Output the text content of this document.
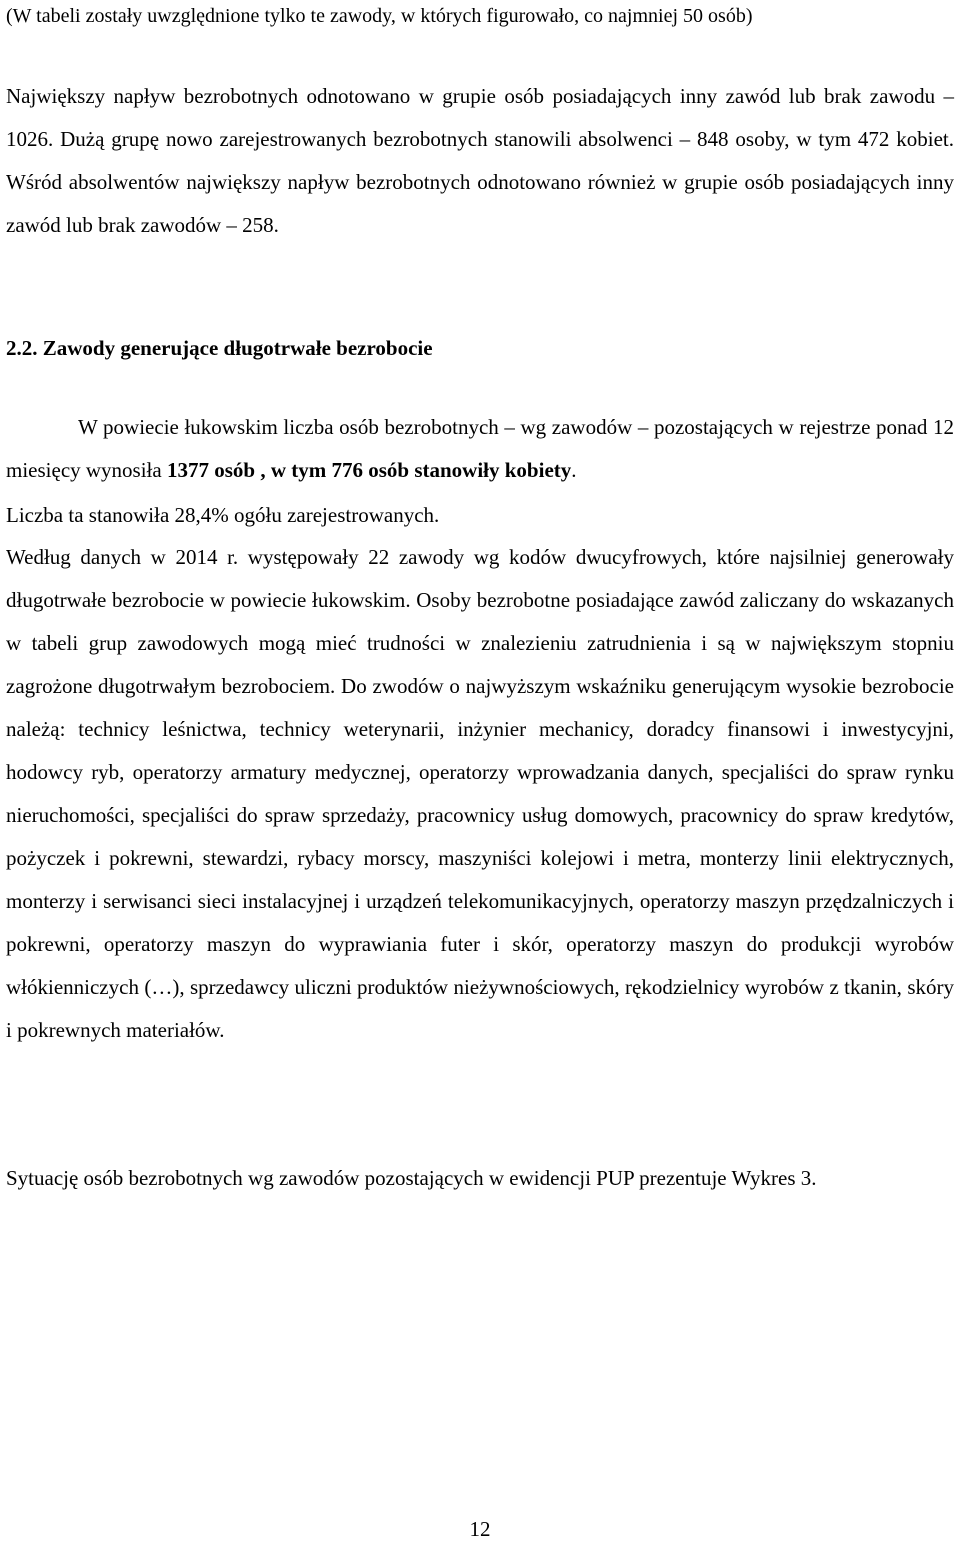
(W tabeli zostały uwzględnione tylko te zawody, w których figurowało, co najmniej 50 osób)

Największy napływ bezrobotnych odnotowano w grupie osób posiadających inny zawód lub brak zawodu – 1026. Dużą grupę nowo zarejestrowanych bezrobotnych stanowili absolwenci – 848 osoby, w tym 472 kobiet. Wśród absolwentów największy napływ bezrobotnych odnotowano również w grupie osób posiadających inny zawód lub brak zawodów – 258.

2.2. Zawody generujące długotrwałe bezrobocie

W powiecie łukowskim liczba osób bezrobotnych – wg zawodów – pozostających w rejestrze ponad 12 miesięcy wynosiła 1377 osób , w tym 776 osób stanowiły kobiety.

Liczba ta stanowiła 28,4% ogółu zarejestrowanych.

Według danych w 2014 r. występowały 22 zawody wg kodów dwucyfrowych, które najsilniej generowały długotrwałe bezrobocie w powiecie łukowskim. Osoby bezrobotne posiadające zawód zaliczany do wskazanych w tabeli grup zawodowych mogą mieć trudności w znalezieniu zatrudnienia i są w największym stopniu zagrożone długotrwałym bezrobociem. Do zwodów o najwyższym wskaźniku generującym wysokie bezrobocie należą: technicy leśnictwa, technicy weterynarii, inżynier mechanicy, doradcy finansowi i inwestycyjni, hodowcy ryb, operatorzy armatury medycznej, operatorzy wprowadzania danych, specjaliści do spraw rynku nieruchomości, specjaliści do spraw sprzedaży, pracownicy usług domowych, pracownicy do spraw kredytów, pożyczek i pokrewni, stewardzi, rybacy morscy, maszyniści kolejowi i metra, monterzy linii elektrycznych, monterzy i serwisanci sieci instalacyjnej i urządzeń telekomunikacyjnych, operatorzy maszyn przędzalniczych i pokrewni, operatorzy maszyn do wyprawiania futer i skór, operatorzy maszyn do produkcji wyrobów włókienniczych (…), sprzedawcy uliczni produktów nieżywnościowych, rękodzielnicy wyrobów z tkanin, skóry i pokrewnych materiałów.

Sytuację osób bezrobotnych wg zawodów pozostających w ewidencji PUP prezentuje Wykres 3.

12
